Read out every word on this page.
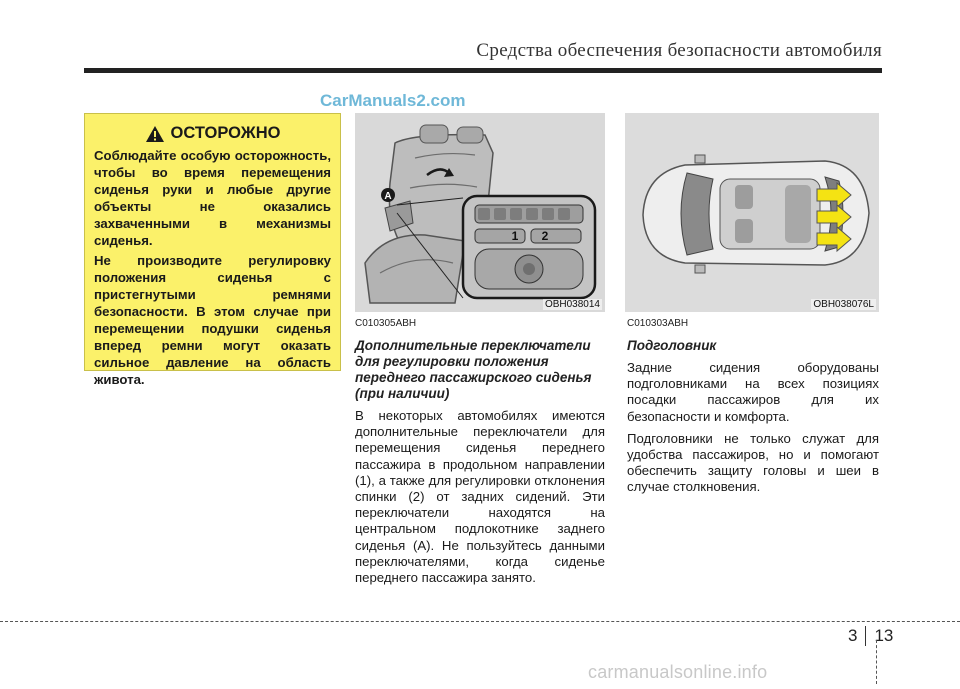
Средства обеспечения безопасности автомобиля
CarManuals2.com
ОСТОРОЖНО

Соблюдайте особую осторожность, чтобы во время перемещения сиденья руки и любые другие объекты не оказались захваченными в механизмы сиденья.

Не производите регулировку положения сиденья с пристегнутыми ремнями безопасности. В этом случае при перемещении подушки сиденья вперед ремни могут оказать сильное давление на область живота.

A
1 2
OBH038014	OBH038076L
C010305ABH

Дополнительные переключатели для регулировки положения переднего пассажирского сиденья (при наличии)

В некоторых автомобилях имеются дополнительные переключатели для перемещения сиденья переднего пассажира в продольном направлении (1), а также для регулировки отклонения спинки (2) от задних сидений. Эти переключатели находятся на центральном подлокотнике заднего сиденья (A). Не пользуйтесь данными переключателями, когда сиденье переднего пассажира занято.

C010303ABH

Подголовник

Задние сидения оборудованы подголовниками на всех позициях посадки пассажиров для их безопасности и комфорта.

Подголовники не только служат для удобства пассажиров, но и помогают обеспечить защиту головы и шеи в случае столкновения.

3 13
carmanualsonline.info
